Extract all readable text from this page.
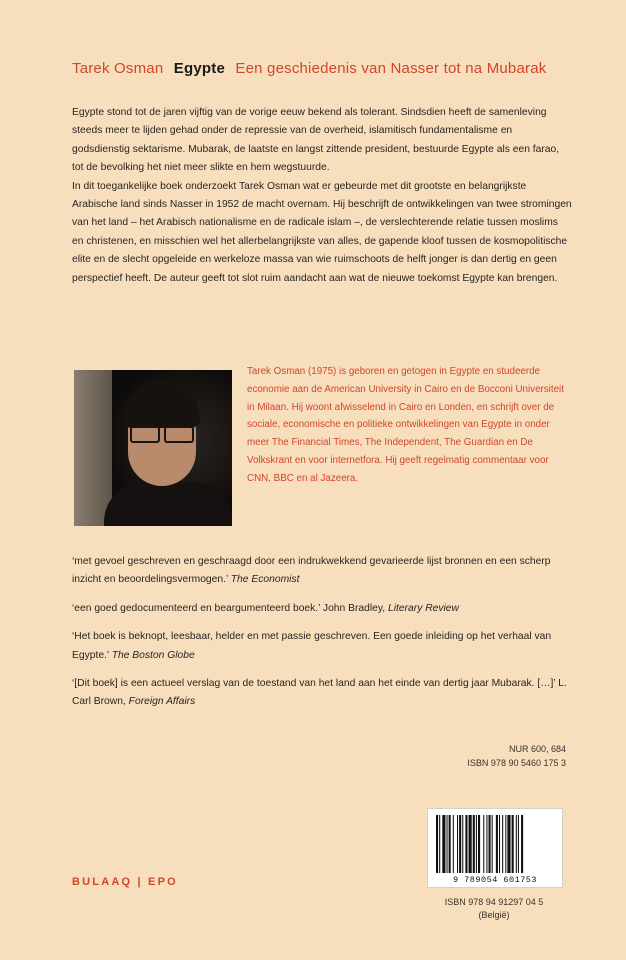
Tarek Osman Egypte Een geschiedenis van Nasser tot na Mubarak

Egypte stond tot de jaren vijftig van de vorige eeuw bekend als tolerant. Sindsdien heeft de samenleving steeds meer te lijden gehad onder de repressie van de overheid, islamitisch fundamentalisme en godsdienstig sektarisme. Mubarak, de laatste en langst zittende president, bestuurde Egypte als een farao, tot de bevolking het niet meer slikte en hem wegstuurde.

In dit toegankelijke boek onderzoekt Tarek Osman wat er gebeurde met dit grootste en belangrijkste Arabische land sinds Nasser in 1952 de macht overnam. Hij beschrijft de ontwikkelingen van twee stromingen van het land – het Arabisch nationalisme en de radicale islam –, de verslechterende relatie tussen moslims en christenen, en misschien wel het allerbelangrijkste van alles, de gapende kloof tussen de kosmopolitische elite en de slecht opgeleide en werkeloze massa van wie ruimschoots de helft jonger is dan dertig en geen perspectief heeft. De auteur geeft tot slot ruim aandacht aan wat de nieuwe toekomst Egypte kan brengen.

Tarek Osman (1975) is geboren en getogen in Egypte en studeerde economie aan de American University in Cairo en de Bocconi Universiteit in Milaan. Hij woont afwisselend in Cairo en Londen, en schrijft over de sociale, economische en politieke ontwikkelingen van Egypte in onder meer The Financial Times, The Independent, The Guardian en De Volkskrant en voor internetfora. Hij geeft regelmatig commentaar voor CNN, BBC en al Jazeera.

‘met gevoel geschreven en geschraagd door een indrukwekkend gevarieerde lijst bronnen en een scherp inzicht en beoordelingsvermogen.’ The Economist

‘een goed gedocumenteerd en beargumenteerd boek.’ John Bradley, Literary Review

‘Het boek is beknopt, leesbaar, helder en met passie geschreven. Een goede inleiding op het verhaal van Egypte.’ The Boston Globe

‘[Dit boek] is een actueel verslag van de toestand van het land aan het einde van dertig jaar Mubarak. […]’ L. Carl Brown, Foreign Affairs

NUR 600, 684
ISBN 978 90 5460 175 3
9 789054 601753
ISBN 978 94 91297 04 5
(België)
BULAAQ | EPO
